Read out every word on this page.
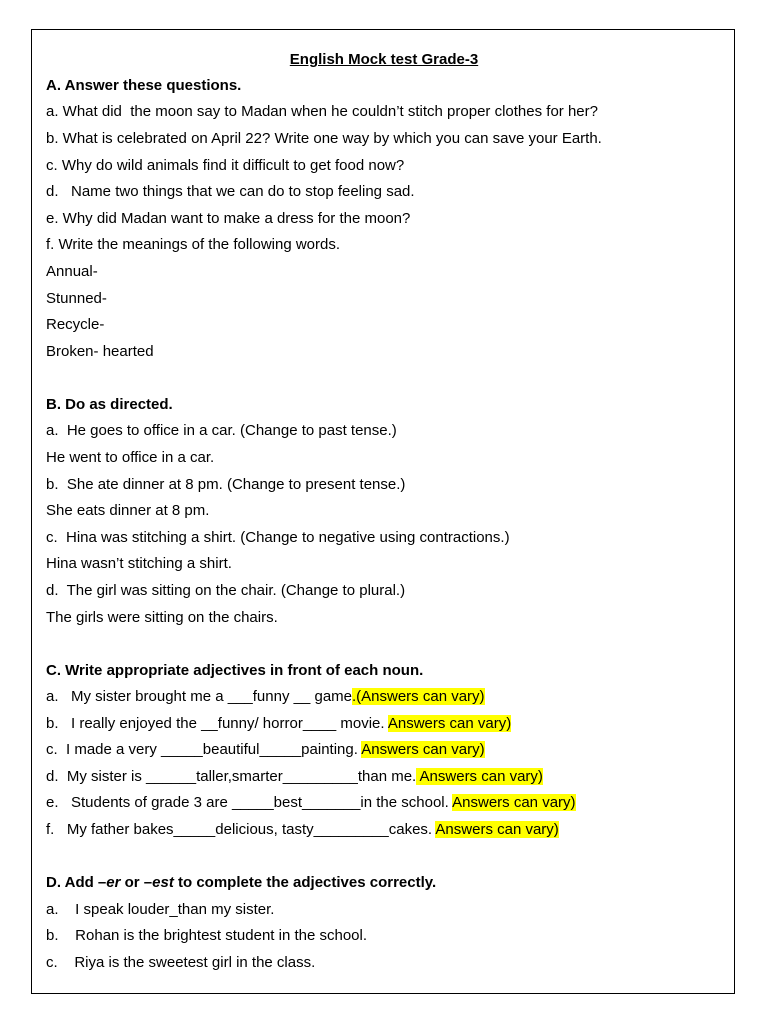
English Mock test Grade-3
A. Answer these questions.
a. What did  the moon say to Madan when he couldn’t stitch proper clothes for her?
b. What is celebrated on April 22? Write one way by which you can save your Earth.
c. Why do wild animals find it difficult to get food now?
d.   Name two things that we can do to stop feeling sad.
e. Why did Madan want to make a dress for the moon?
f. Write the meanings of the following words.
Annual-
Stunned-
Recycle-
Broken- hearted
B. Do as directed.
a.  He goes to office in a car. (Change to past tense.)
He went to office in a car.
b.  She ate dinner at 8 pm. (Change to present tense.)
She eats dinner at 8 pm.
c.  Hina was stitching a shirt. (Change to negative using contractions.)
Hina wasn’t stitching a shirt.
d.  The girl was sitting on the chair. (Change to plural.)
The girls were sitting on the chairs.
C. Write appropriate adjectives in front of each noun.
a.   My sister brought me a ___funny __ game.(Answers can vary)
b.   I really enjoyed the __funny/ horror____ movie. Answers can vary)
c.  I made a very _____beautiful_____painting. Answers can vary)
d.  My sister is ______taller,smarter_________than me. Answers can vary)
e.   Students of grade 3 are _____best_______in the school. Answers can vary)
f.   My father bakes_____delicious, tasty_________cakes. Answers can vary)
D. Add –er or –est to complete the adjectives correctly.
a.    I speak louder_than my sister.
b.    Rohan is the brightest student in the school.
c.    Riya is the sweetest girl in the class.
